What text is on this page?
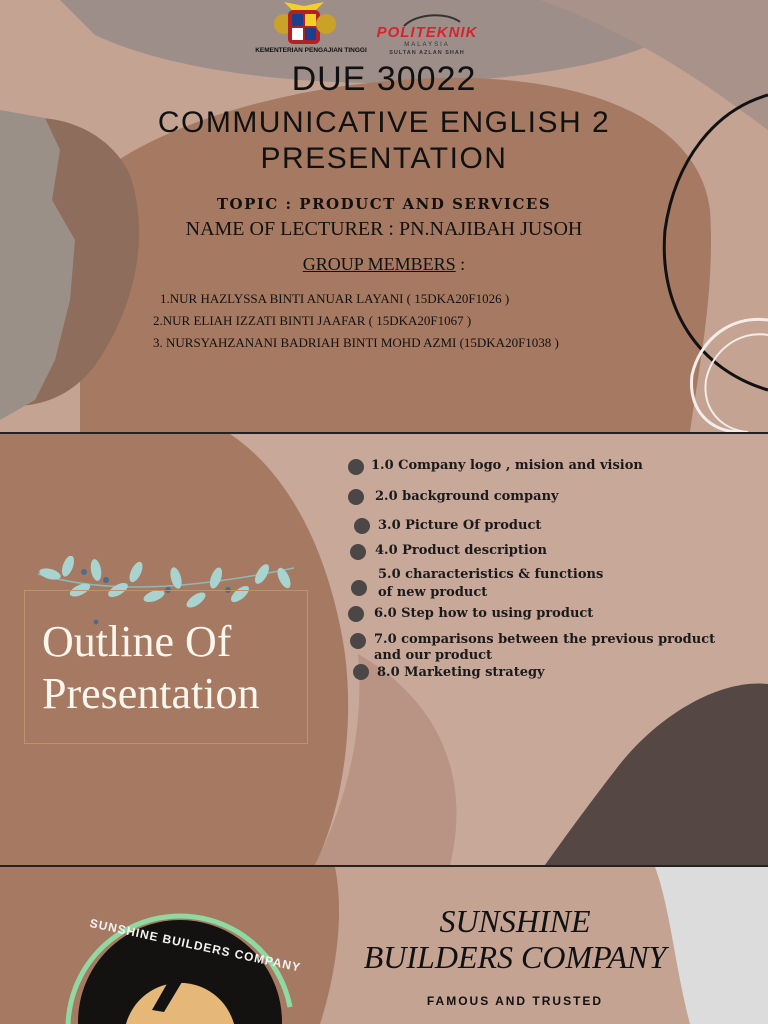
KEMENTERIAN PENGAJIAN TINGGI
POLITEKNIK
MALAYSIA
SULTAN AZLAN SHAH
DUE 30022
COMMUNICATIVE ENGLISH 2
PRESENTATION
TOPIC : PRODUCT AND SERVICES
NAME OF LECTURER : PN.NAJIBAH JUSOH
GROUP MEMBERS :
1.NUR HAZLYSSA BINTI ANUAR LAYANI ( 15DKA20F1026 )
2.NUR ELIAH IZZATI BINTI JAAFAR ( 15DKA20F1067 )
3. NURSYAHZANANI BADRIAH BINTI MOHD AZMI (15DKA20F1038 )
Outline Of
Presentation
1.0 Company logo , mision and vision
2.0 background company
3.0 Picture Of product
4.0 Product description
5.0 characteristics & functions
of new product
6.0 Step how to using product
7.0 comparisons between the previous product
and our product
8.0 Marketing strategy
SUNSHINE BUILDERS COMPANY	SUNSHINE
BUILDERS COMPANY
FAMOUS AND TRUSTED
